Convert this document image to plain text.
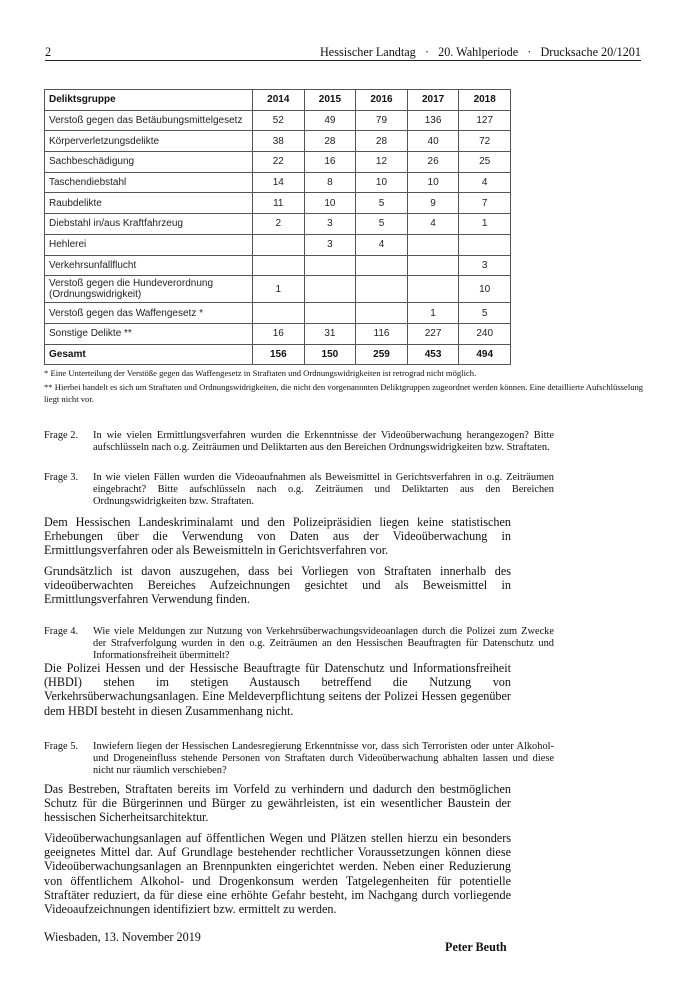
2	Hessischer Landtag   ·   20. Wahlperiode   ·   Drucksache 20/1201
Deliktsgruppe	2014	2015	2016	2017	2018
Verstoß gegen das Betäubungsmittelgesetz	52	49	79	136	127
Körperverletzungsdelikte	38	28	28	40	72
Sachbeschädigung	22	16	12	26	25
Taschendiebstahl	14	8	10	10	4
Raubdelikte	11	10	5	9	7
Diebstahl in/aus Kraftfahrzeug	2	3	5	4	1
Hehlerei		3	4		
Verkehrsunfallflucht					3
Verstoß gegen die Hundeverordnung (Ordnungswidrigkeit)	1				10
Verstoß gegen das Waffengesetz *				1	5
Sonstige Delikte **	16	31	116	227	240
Gesamt	156	150	259	453	494

* Eine Unterteilung der Verstöße gegen das Waffengesetz in Straftaten und Ordnungswidrigkeiten ist retrograd nicht möglich.

** Hierbei handelt es sich um Straftaten und Ordnungswidrigkeiten, die nicht den vorgenannnten Deliktgruppen zugeordnet werden können. Eine detaillierte Aufschlüsselung liegt nicht vor.

Frage 2. In wie vielen Ermittlungsverfahren wurden die Erkenntnisse der Videoüberwachung herangezogen? Bitte aufschlüsseln nach o.g. Zeiträumen und Deliktarten aus den Bereichen Ordnungswidrigkeiten bzw. Straftaten.
Frage 3. In wie vielen Fällen wurden die Videoaufnahmen als Beweismittel in Gerichtsverfahren in o.g. Zeiträumen eingebracht? Bitte aufschlüsseln nach o.g. Zeiträumen und Deliktarten aus den Bereichen Ordnungswidrigkeiten bzw. Straftaten.
Dem Hessischen Landeskriminalamt und den Polizeipräsidien liegen keine statistischen Erhebungen über die Verwendung von Daten aus der Videoüberwachung in Ermittlungsverfahren oder als Beweismitteln in Gerichtsverfahren vor.
Grundsätzlich ist davon auszugehen, dass bei Vorliegen von Straftaten innerhalb des videoüberwachten Bereiches Aufzeichnungen gesichtet und als Beweismittel in Ermittlungsverfahren Verwendung finden.
Frage 4. Wie viele Meldungen zur Nutzung von Verkehrsüberwachungsvideoanlagen durch die Polizei zum Zwecke der Strafverfolgung wurden in den o.g. Zeiträumen an den Hessischen Beauftragten für Datenschutz und Informationsfreiheit übermittelt?
Die Polizei Hessen und der Hessische Beauftragte für Datenschutz und Informationsfreiheit (HBDI) stehen im stetigen Austausch betreffend die Nutzung von Verkehrsüberwachungsanlagen. Eine Meldeverpflichtung seitens der Polizei Hessen gegenüber dem HBDI besteht in diesen Zusammenhang nicht.
Frage 5. Inwiefern liegen der Hessischen Landesregierung Erkenntnisse vor, dass sich Terroristen oder unter Alkohol- und Drogeneinfluss stehende Personen von Straftaten durch Videoüberwachung abhalten lassen und diese nicht nur räumlich verschieben?
Das Bestreben, Straftaten bereits im Vorfeld zu verhindern und dadurch den bestmöglichen Schutz für die Bürgerinnen und Bürger zu gewährleisten, ist ein wesentlicher Baustein der hessischen Sicherheitsarchitektur.
Videoüberwachungsanlagen auf öffentlichen Wegen und Plätzen stellen hierzu ein besonders geeignetes Mittel dar. Auf Grundlage bestehender rechtlicher Voraussetzungen können diese Videoüberwachungsanlagen an Brennpunkten eingerichtet werden. Neben einer Reduzierung von öffentlichem Alkohol- und Drogenkonsum werden Tatgelegenheiten für potentielle Straftäter reduziert, da für diese eine erhöhte Gefahr besteht, im Nachgang durch vorliegende Videoaufzeichnungen identifiziert bzw. ermittelt zu werden.
Wiesbaden, 13. November 2019
Peter Beuth
